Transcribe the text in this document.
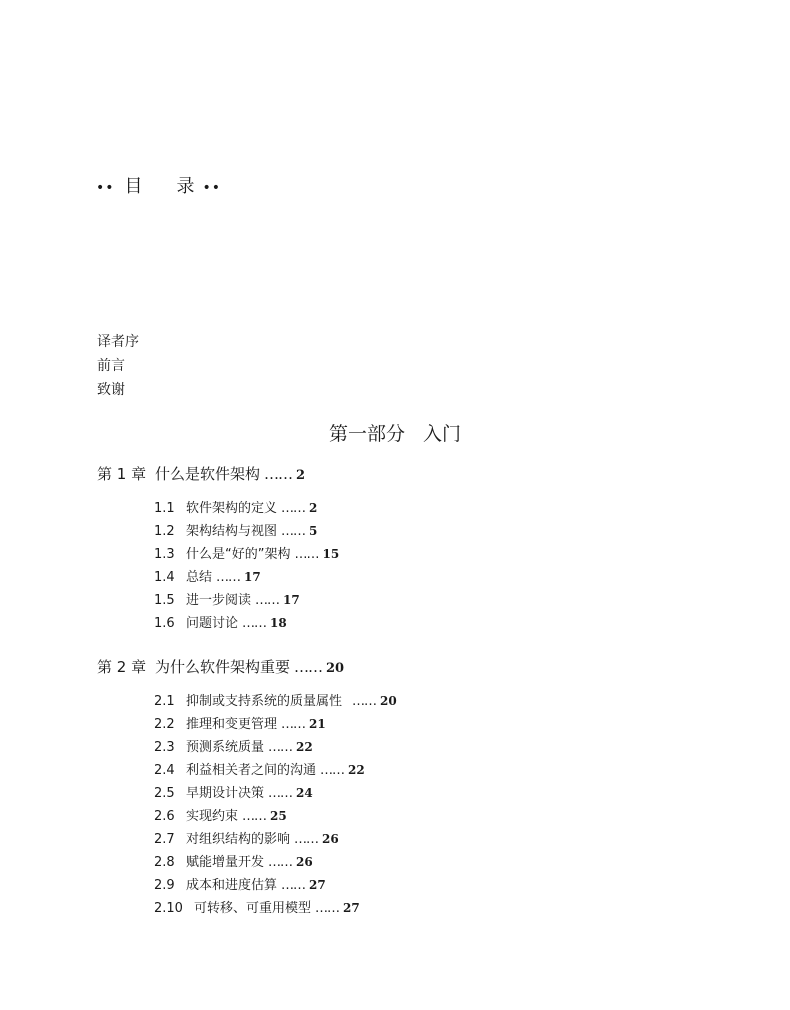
•• 目 录 ••
译者序
前言
致谢
第一部分 入门
第 1 章 什么是软件架构 …… 2
1.1 软件架构的定义 …… 2
1.2 架构结构与视图 …… 5
1.3 什么是“好的”架构 …… 15
1.4 总结 …… 17
1.5 进一步阅读 …… 17
1.6 问题讨论 …… 18
第 2 章 为什么软件架构重要 …… 20
2.1 抑制或支持系统的质量属性 …… 20
2.2 推理和变更管理 …… 21
2.3 预测系统质量 …… 22
2.4 利益相关者之间的沟通 …… 22
2.5 早期设计决策 …… 24
2.6 实现约束 …… 25
2.7 对组织结构的影响 …… 26
2.8 赋能增量开发 …… 26
2.9 成本和进度估算 …… 27
2.10 可转移、可重用模型 …… 27
